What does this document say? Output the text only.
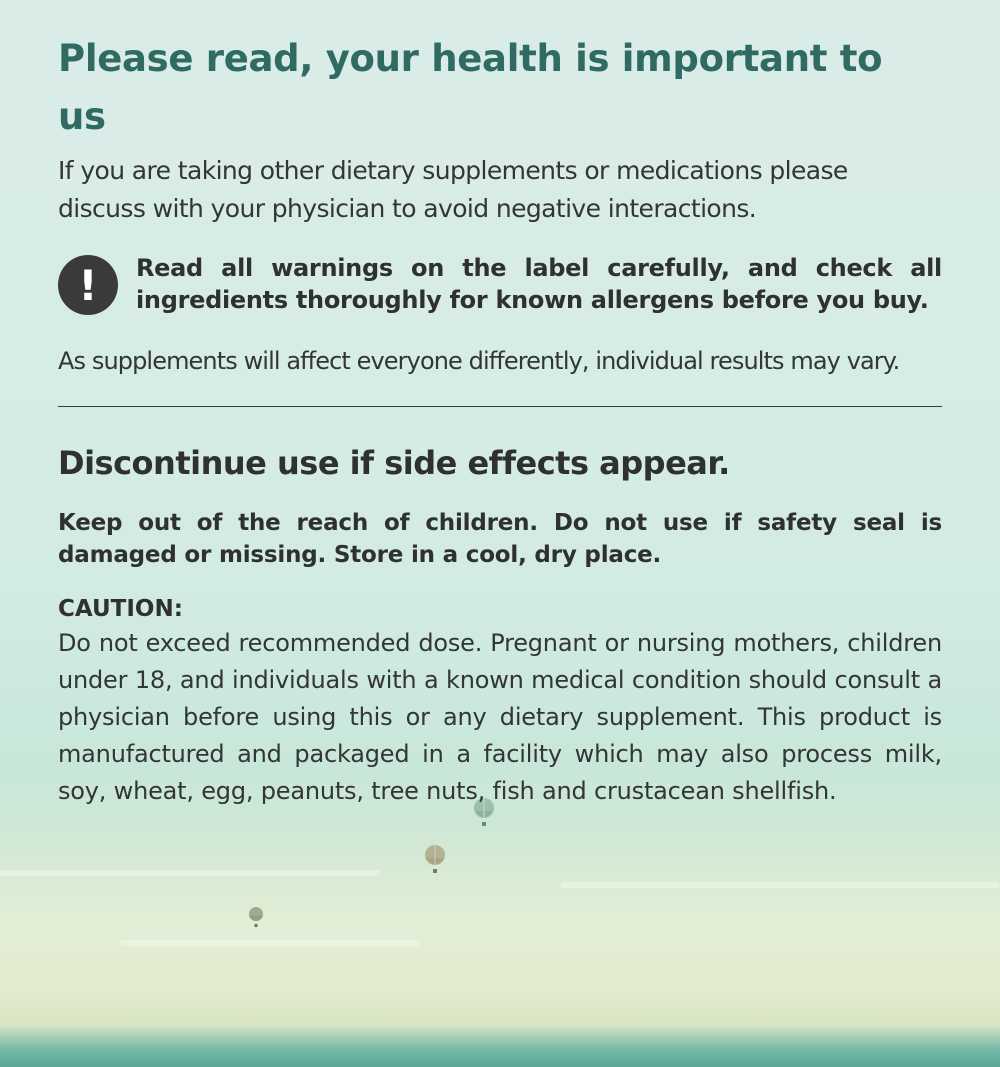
Please read, your health is important to us

If you are taking other dietary supplements or medications please discuss with your physician to avoid negative interactions.

!	Read all warnings on the label carefully, and check all ingredients thoroughly for known allergens before you buy.

As supplements will affect everyone differently, individual results may vary.

Discontinue use if side effects appear.

Keep out of the reach of children. Do not use if safety seal is damaged or missing. Store in a cool, dry place.

CAUTION:

Do not exceed recommended dose. Pregnant or nursing mothers, children under 18, and individuals with a known medical condition should consult a physician before using this or any dietary supplement. This product is manufactured and packaged in a facility which may also process milk, soy, wheat, egg, peanuts, tree nuts, fish and crustacean shellfish.
